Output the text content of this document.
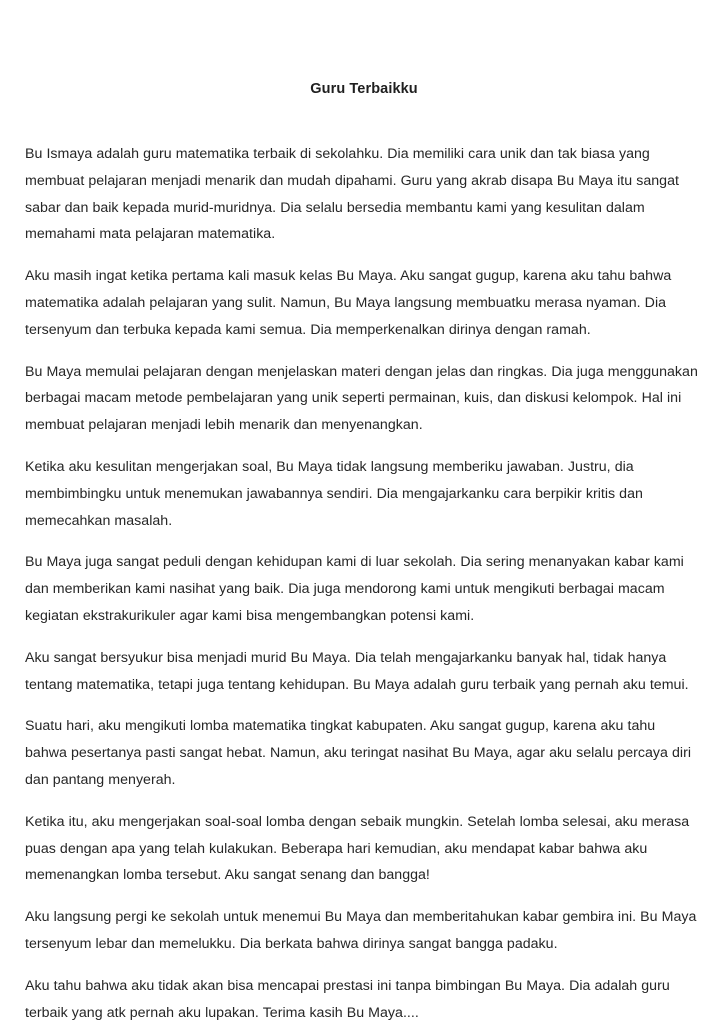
Guru Terbaikku

Bu Ismaya adalah guru matematika terbaik di sekolahku. Dia memiliki cara unik dan tak biasa yang membuat pelajaran menjadi menarik dan mudah dipahami. Guru yang akrab disapa Bu Maya itu sangat sabar dan baik kepada murid-muridnya. Dia selalu bersedia membantu kami yang kesulitan dalam memahami mata pelajaran matematika.

Aku masih ingat ketika pertama kali masuk kelas Bu Maya. Aku sangat gugup, karena aku tahu bahwa matematika adalah pelajaran yang sulit. Namun, Bu Maya langsung membuatku merasa nyaman. Dia tersenyum dan terbuka kepada kami semua. Dia memperkenalkan dirinya dengan ramah.

Bu Maya memulai pelajaran dengan menjelaskan materi dengan jelas dan ringkas. Dia juga menggunakan berbagai macam metode pembelajaran yang unik seperti permainan, kuis, dan diskusi kelompok. Hal ini membuat pelajaran menjadi lebih menarik dan menyenangkan.

Ketika aku kesulitan mengerjakan soal, Bu Maya tidak langsung memberiku jawaban. Justru, dia membimbingku untuk menemukan jawabannya sendiri. Dia mengajarkanku cara berpikir kritis dan memecahkan masalah.

Bu Maya juga sangat peduli dengan kehidupan kami di luar sekolah. Dia sering menanyakan kabar kami dan memberikan kami nasihat yang baik. Dia juga mendorong kami untuk mengikuti berbagai macam kegiatan ekstrakurikuler agar kami bisa mengembangkan potensi kami.

Aku sangat bersyukur bisa menjadi murid Bu Maya. Dia telah mengajarkanku banyak hal, tidak hanya tentang matematika, tetapi juga tentang kehidupan. Bu Maya adalah guru terbaik yang pernah aku temui.

Suatu hari, aku mengikuti lomba matematika tingkat kabupaten. Aku sangat gugup, karena aku tahu bahwa pesertanya pasti sangat hebat. Namun, aku teringat nasihat Bu Maya, agar aku selalu percaya diri dan pantang menyerah.

Ketika itu, aku mengerjakan soal-soal lomba dengan sebaik mungkin. Setelah lomba selesai, aku merasa puas dengan apa yang telah kulakukan. Beberapa hari kemudian, aku mendapat kabar bahwa aku memenangkan lomba tersebut. Aku sangat senang dan bangga!

Aku langsung pergi ke sekolah untuk menemui Bu Maya dan memberitahukan kabar gembira ini. Bu Maya tersenyum lebar dan memelukku. Dia berkata bahwa dirinya sangat bangga padaku.

Aku tahu bahwa aku tidak akan bisa mencapai prestasi ini tanpa bimbingan Bu Maya. Dia adalah guru terbaik yang atk pernah aku lupakan. Terima kasih Bu Maya....
